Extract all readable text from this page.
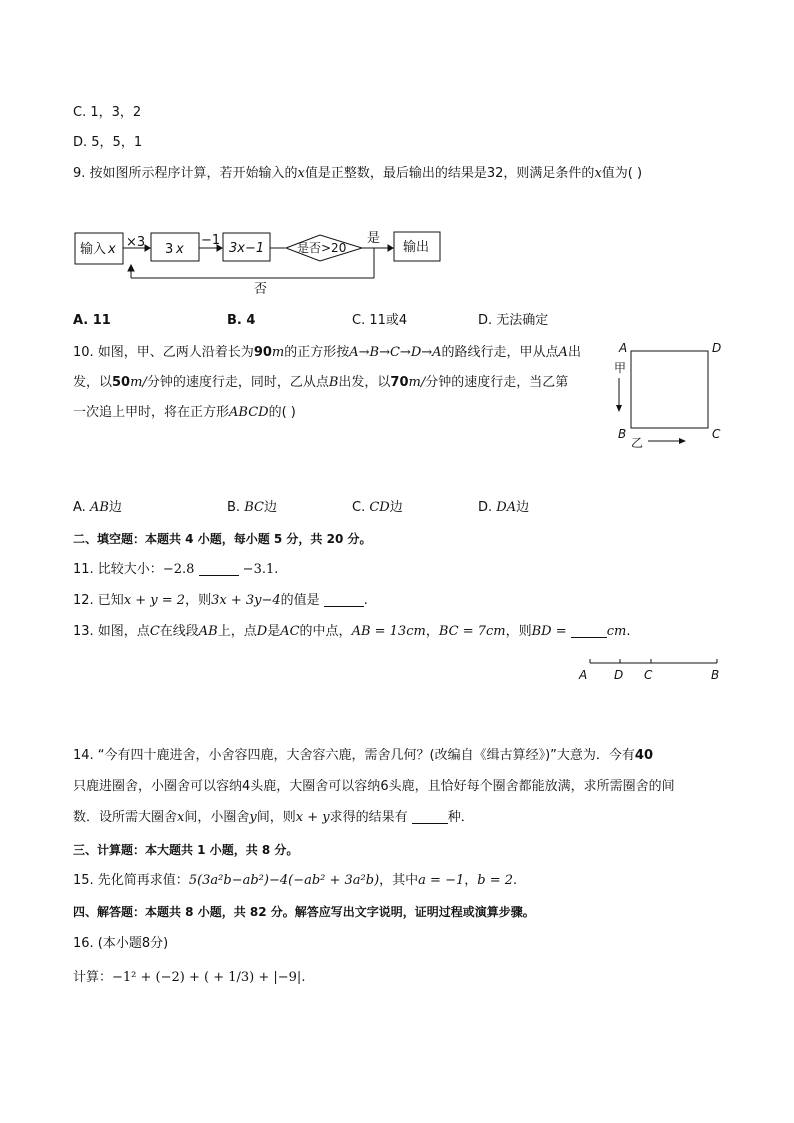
C. 1，3，2
D. 5，5，1
9. 按如图所示程序计算，若开始输入的x值是正整数，最后输出的结果是32，则满足条件的x值为( )
输入 x ×3 3 x
−1
3x−1	是否>20
是
输出
否
A. 11	B. 4	C. 11或4	D. 无法确定
10. 如图，甲、乙两人沿着长为90m的正方形按A→B→C→D→A的路线行走，甲从点A出
发，以50m/分钟的速度行走，同时，乙从点B出发，以70m/分钟的速度行走，当乙第
一次追上甲时，将在正方形ABCD的( )
A	D
B	C
甲
乙
A. AB边	B. BC边	C. CD边	D. DA边
二、填空题：本题共 4 小题，每小题 5 分，共 20 分。
11. 比较大小：−2.8	−3.1.
12. 已知x + y = 2，则3x + 3y−4的值是	.
13. 如图，点C在线段AB上，点D是AC的中点，AB = 13cm，BC = 7cm，则BD =	cm.
A D C	B
14. “今有四十鹿进舍，小舍容四鹿，大舍容六鹿，需舍几何？(改编自《缉古算经》)”大意为．今有40
只鹿进圈舍，小圈舍可以容纳4头鹿，大圈舍可以容纳6头鹿，且恰好每个圈舍都能放满，求所需圈舍的间
数．设所需大圈舍x间，小圈舍y间，则x + y求得的结果有	种．
三、计算题：本大题共 1 小题，共 8 分。
15. 先化简再求值：5(3a²b−ab²)−4(−ab² + 3a²b)，其中a = −1，b = 2.
四、解答题：本题共 8 小题，共 82 分。解答应写出文字说明，证明过程或演算步骤。
16. (本小题8分)
计算：−1² + (−2) + ( + 1/3) + |−9|.
